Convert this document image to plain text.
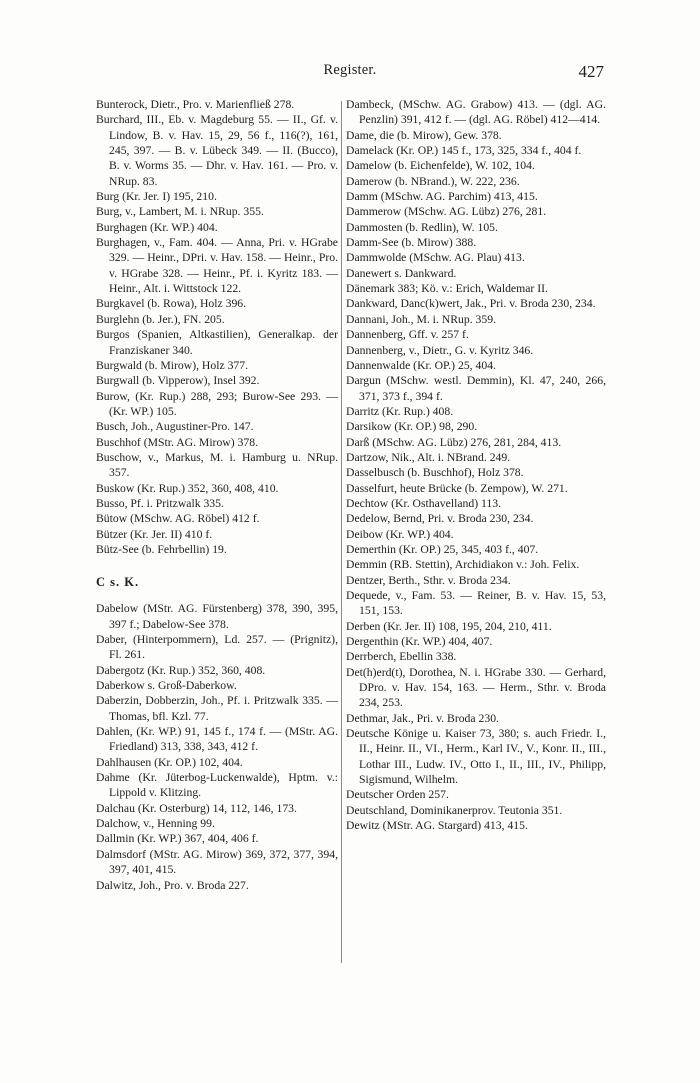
Register.	427
Bunterock, Dietr., Pro. v. Marienfließ 278.
Burchard, III., Eb. v. Magdeburg 55. — II., Gf. v. Lindow, B. v. Hav. 15, 29, 56 f., 116(?), 161, 245, 397. — B. v. Lübeck 349. — II. (Bucco), B. v. Worms 35. — Dhr. v. Hav. 161. — Pro. v. NRup. 83.
Burg (Kr. Jer. I) 195, 210.
Burg, v., Lambert, M. i. NRup. 355.
Burghagen (Kr. WP.) 404.
Burghagen, v., Fam. 404. — Anna, Pri. v. HGrabe 329. — Heinr., DPri. v. Hav. 158. — Heinr., Pro. v. HGrabe 328. — Heinr., Pf. i. Kyritz 183. — Heinr., Alt. i. Wittstock 122.
Burgkavel (b. Rowa), Holz 396.
Burglehn (b. Jer.), FN. 205.
Burgos (Spanien, Altkastilien), Generalkap. der Franziskaner 340.
Burgwald (b. Mirow), Holz 377.
Burgwall (b. Vipperow), Insel 392.
Burow, (Kr. Rup.) 288, 293; Burow-See 293. — (Kr. WP.) 105.
Busch, Joh., Augustiner-Pro. 147.
Buschhof (MStr. AG. Mirow) 378.
Buschow, v., Markus, M. i. Hamburg u. NRup. 357.
Buskow (Kr. Rup.) 352, 360, 408, 410.
Busso, Pf. i. Pritzwalk 335.
Bütow (MSchw. AG. Röbel) 412 f.
Bützer (Kr. Jer. II) 410 f.
Bütz-See (b. Fehrbellin) 19.
C s. K.
Dabelow (MStr. AG. Fürstenberg) 378, 390, 395, 397 f.; Dabelow-See 378.
Daber, (Hinterpommern), Ld. 257. — (Prignitz), Fl. 261.
Dabergotz (Kr. Rup.) 352, 360, 408.
Daberkow s. Groß-Daberkow.
Daberzin, Dobberzin, Joh., Pf. i. Pritzwalk 335. — Thomas, bfl. Kzl. 77.
Dahlen, (Kr. WP.) 91, 145 f., 174 f. — (MStr. AG. Friedland) 313, 338, 343, 412 f.
Dahlhausen (Kr. OP.) 102, 404.
Dahme (Kr. Jüterbog-Luckenwalde), Hptm. v.: Lippold v. Klitzing.
Dalchau (Kr. Osterburg) 14, 112, 146, 173.
Dalchow, v., Henning 99.
Dallmin (Kr. WP.) 367, 404, 406 f.
Dalmsdorf (MStr. AG. Mirow) 369, 372, 377, 394, 397, 401, 415.
Dalwitz, Joh., Pro. v. Broda 227.
Dambeck, (MSchw. AG. Grabow) 413. — (dgl. AG. Penzlin) 391, 412 f. — (dgl. AG. Röbel) 412—414.
Dame, die (b. Mirow), Gew. 378.
Damelack (Kr. OP.) 145 f., 173, 325, 334 f., 404 f.
Damelow (b. Eichenfelde), W. 102, 104.
Damerow (b. NBrand.), W. 222, 236.
Damm (MSchw. AG. Parchim) 413, 415.
Dammerow (MSchw. AG. Lübz) 276, 281.
Dammosten (b. Redlin), W. 105.
Damm-See (b. Mirow) 388.
Dammwolde (MSchw. AG. Plau) 413.
Danewert s. Dankward.
Dänemark 383; Kö. v.: Erich, Waldemar II.
Dankward, Danc(k)wert, Jak., Pri. v. Broda 230, 234.
Dannani, Joh., M. i. NRup. 359.
Dannenberg, Gff. v. 257 f.
Dannenberg, v., Dietr., G. v. Kyritz 346.
Dannenwalde (Kr. OP.) 25, 404.
Dargun (MSchw. westl. Demmin), Kl. 47, 240, 266, 371, 373 f., 394 f.
Darritz (Kr. Rup.) 408.
Darsikow (Kr. OP.) 98, 290.
Darß (MSchw. AG. Lübz) 276, 281, 284, 413.
Dartzow, Nik., Alt. i. NBrand. 249.
Dasselbusch (b. Buschhof), Holz 378.
Dasselfurt, heute Brücke (b. Zempow), W. 271.
Dechtow (Kr. Osthavelland) 113.
Dedelow, Bernd, Pri. v. Broda 230, 234.
Deibow (Kr. WP.) 404.
Demerthin (Kr. OP.) 25, 345, 403 f., 407.
Demmin (RB. Stettin), Archidiakon v.: Joh. Felix.
Dentzer, Berth., Sthr. v. Broda 234.
Dequede, v., Fam. 53. — Reiner, B. v. Hav. 15, 53, 151, 153.
Derben (Kr. Jer. II) 108, 195, 204, 210, 411.
Dergenthin (Kr. WP.) 404, 407.
Derrberch, Ebellin 338.
Det(h)erd(t), Dorothea, N. i. HGrabe 330. — Gerhard, DPro. v. Hav. 154, 163. — Herm., Sthr. v. Broda 234, 253.
Dethmar, Jak., Pri. v. Broda 230.
Deutsche Könige u. Kaiser 73, 380; s. auch Friedr. I., II., Heinr. II., VI., Herm., Karl IV., V., Konr. II., III., Lothar III., Ludw. IV., Otto I., II., III., IV., Philipp, Sigismund, Wilhelm.
Deutscher Orden 257.
Deutschland, Dominikanerprov. Teutonia 351.
Dewitz (MStr. AG. Stargard) 413, 415.
